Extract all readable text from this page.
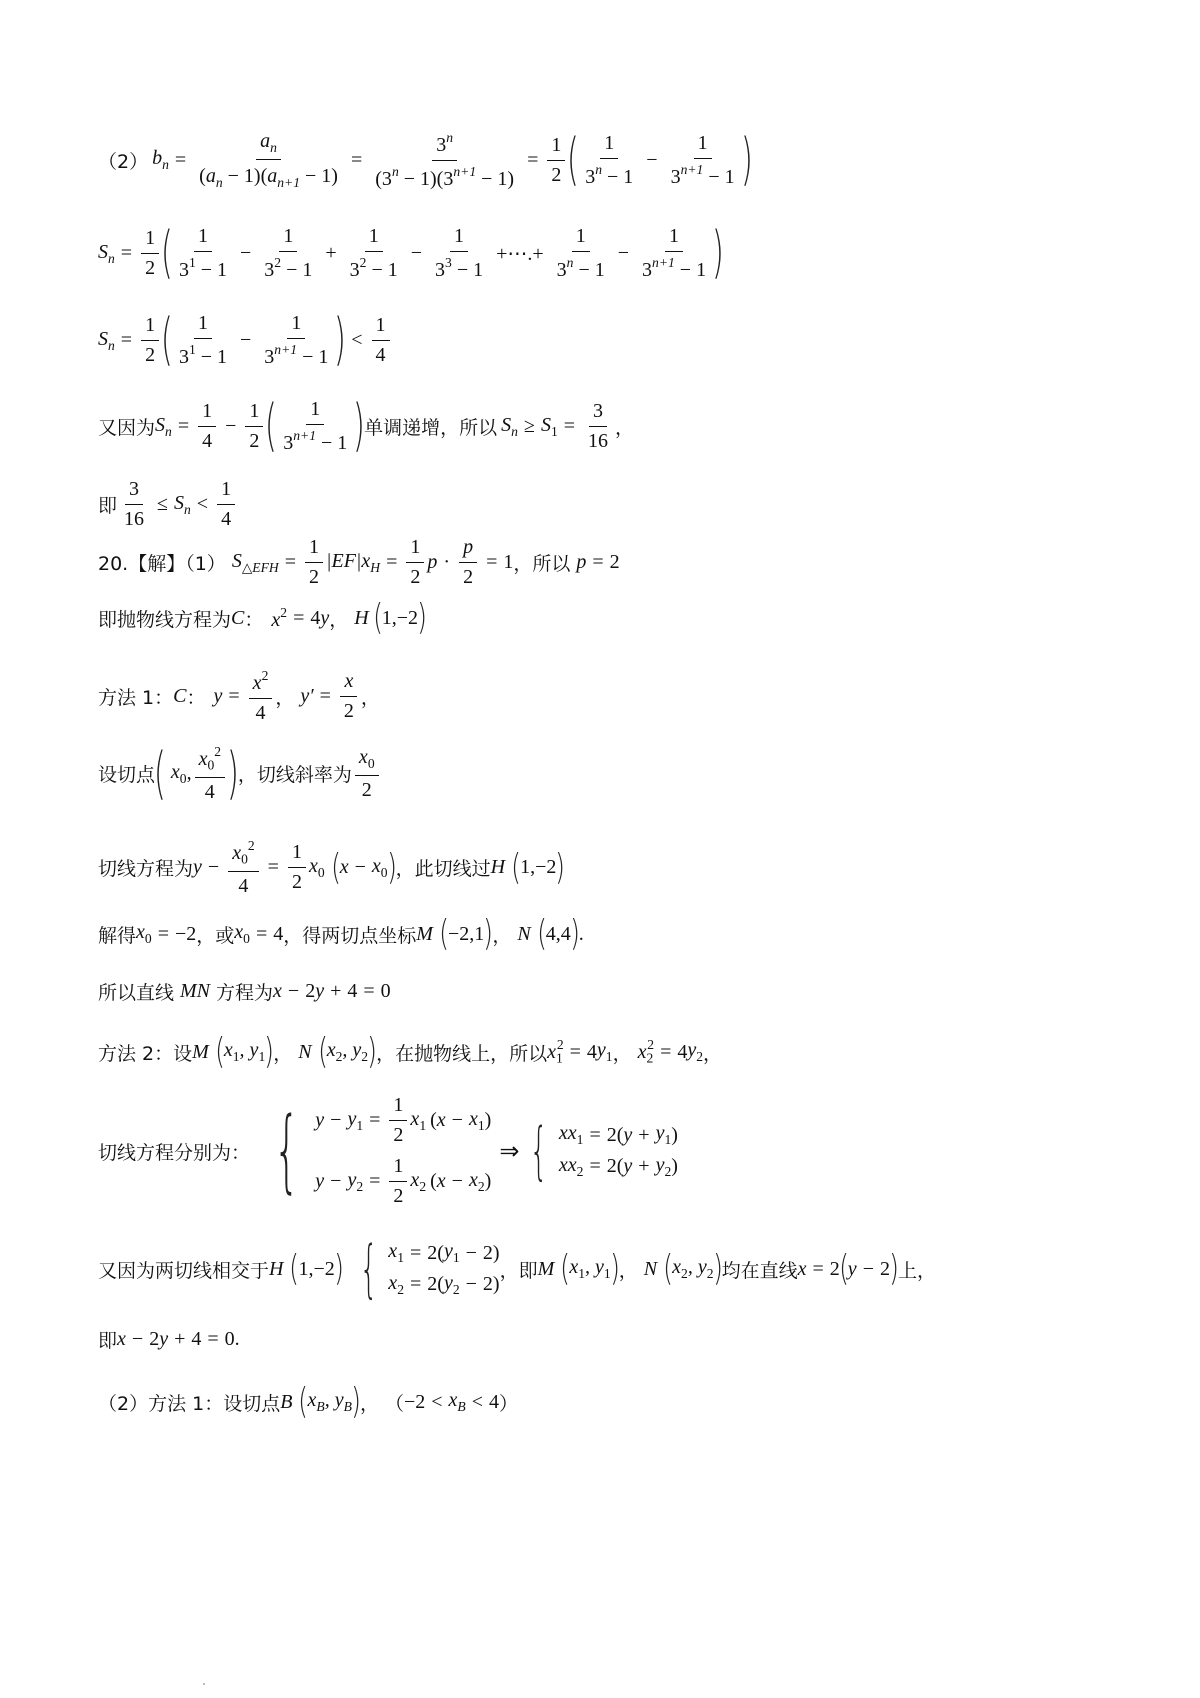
（2） $b_n = \frac{a_n}{(a_n - 1)(a_{n+1} - 1)} = \frac{3^n}{(3^n - 1)(3^{n+1} - 1)} = \frac{1}{2}$ ( $\frac{1}{3^n - 1} - \frac{1}{3^{n+1} - 1}$ )
$S_n = \frac{1}{2}$ ( $\frac{1}{3^1 - 1} - \frac{1}{3^2 - 1} + \frac{1}{3^2 - 1} - \frac{1}{3^3 - 1}$ +⋯.+ $\frac{1}{3^n - 1} - \frac{1}{3^{n+1} - 1}$ )
$S_n = \frac{1}{2}$ ( $\frac{1}{3^1 - 1} - \frac{1}{3^{n+1} - 1}$ ) < $\frac{1}{4}$
又因为 $S_n = \frac{1}{4} - \frac{1}{2}$ ( $\frac{1}{3^{n+1} - 1}$ )
单调递增，所以 $S_n \ge S_1 = \frac{3}{16}$ ，
即 $\frac{3}{16} \le S_n < \frac{1}{4}$
20.【解】（1） $S_{\triangle EFH} = \frac{1}{2} |EF|x_H = \frac{1}{2}$ $p \cdot \frac{p}{2} = 1$ ，所以 p = 2
即抛物线方程为 C ： $x^2 = 4$ y ， H ( 1,−2 )
方法 1： C ： $y = \frac{x^2}{4}$ ， $y' = \frac{x}{2}$ ，
设切点
( $x_0$ , $\frac{x_0^2}{4}$ )
，切线斜率为 $\frac{x_0}{2}$
切线方程为 $y - \frac{x_0^2}{4} = \frac{1}{2} x_0$ ( $x - x_0$ ) ，此切线过 H ( 1,−2 )
解得 $x_0 = -2$ ，或 $x_0 = 4$ ，得两切点坐标 M ( −2,1 ) ， N ( 4,4 ) .
所以直线 MN 方程为 x − 2 y + 4 = 0
方法 2：设 M ( $x_1$, $y_1$ ) ， N ( $x_2$, $y_2$ ) ，在抛物线上，所以 $x_1^2 = 4$ $y_1$ ， $x_2^2 = 4$ $y_2$ ，
切线方程分别为： { $y - y_1 = \frac{1}{2} x_1$ ( $x - x_1$ )
$y - y_2 = \frac{1}{2} x_2$ ( $x - x_2$ )
⇒ { $xx_1 = 2$( $y + y_1$ )
$xx_2 = 2$( $y + y_2$ )
又因为两切线相交于 H ( 1,−2 ) { $x_1 = 2$( $y_1 - 2$)
$x_2 = 2$( $y_2 - 2$)
，即 M ( $x_1$, $y_1$ ) ， N ( $x_2$, $y_2$ ) 均在直线 x = 2 ( y − 2 ) 上，
即 x − 2 y + 4 = 0.
（2）方法 1：设切点 B ( $x_B$, $y_B$ ) ， （ $-2 < x_B < 4$ ）
